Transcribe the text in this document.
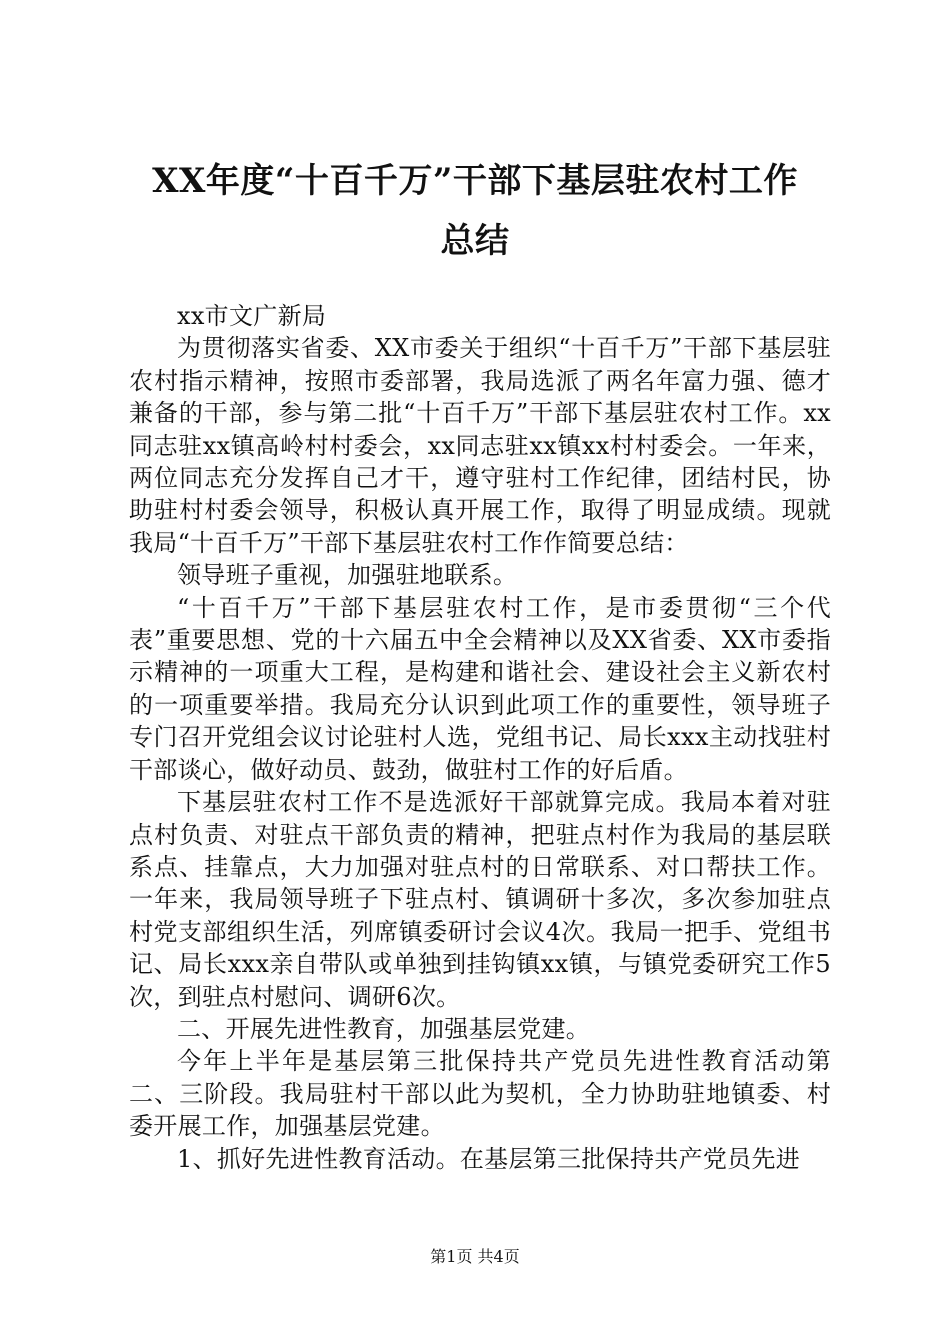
XX年度“十百千万”干部下基层驻农村工作
总结

xx市文广新局

为贯彻落实省委、XX市委关于组织“十百千万”干部下基层驻农村指示精神，按照市委部署，我局选派了两名年富力强、德才兼备的干部，参与第二批“十百千万”干部下基层驻农村工作。xx同志驻xx镇高岭村村委会，xx同志驻xx镇xx村村委会。一年来，两位同志充分发挥自己才干，遵守驻村工作纪律，团结村民，协助驻村村委会领导，积极认真开展工作，取得了明显成绩。现就我局“十百千万”干部下基层驻农村工作作简要总结：

领导班子重视，加强驻地联系。

“十百千万”干部下基层驻农村工作，是市委贯彻“三个代表”重要思想、党的十六届五中全会精神以及XX省委、XX市委指示精神的一项重大工程，是构建和谐社会、建设社会主义新农村的一项重要举措。我局充分认识到此项工作的重要性，领导班子专门召开党组会议讨论驻村人选，党组书记、局长xxx主动找驻村干部谈心，做好动员、鼓劲，做驻村工作的好后盾。

下基层驻农村工作不是选派好干部就算完成。我局本着对驻点村负责、对驻点干部负责的精神，把驻点村作为我局的基层联系点、挂靠点，大力加强对驻点村的日常联系、对口帮扶工作。一年来，我局领导班子下驻点村、镇调研十多次，多次参加驻点村党支部组织生活，列席镇委研讨会议4次。我局一把手、党组书记、局长xxx亲自带队或单独到挂钩镇xx镇，与镇党委研究工作5次，到驻点村慰问、调研6次。

二、开展先进性教育，加强基层党建。

今年上半年是基层第三批保持共产党员先进性教育活动第二、三阶段。我局驻村干部以此为契机，全力协助驻地镇委、村委开展工作，加强基层党建。

1、抓好先进性教育活动。在基层第三批保持共产党员先进

第1页 共4页
